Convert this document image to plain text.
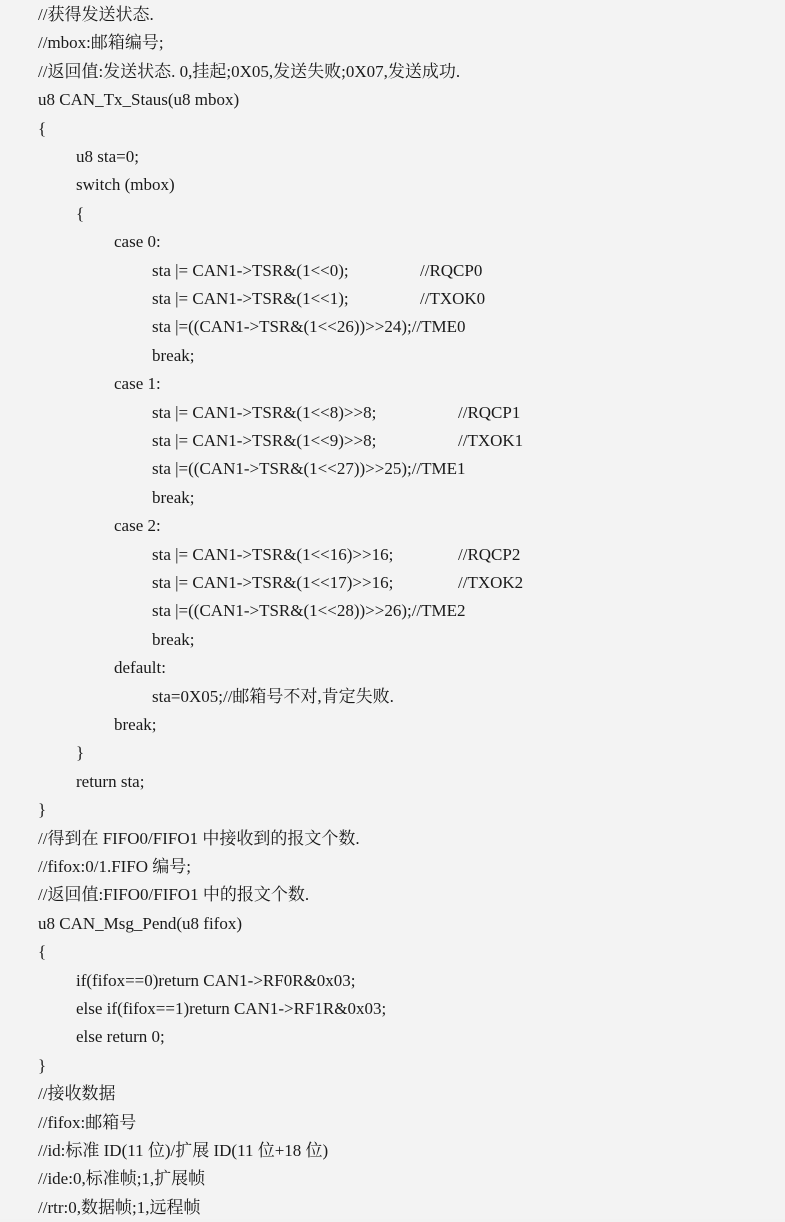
//获得发送状态.
//mbox:邮箱编号;
//返回值:发送状态. 0,挂起;0X05,发送失败;0X07,发送成功.
u8 CAN_Tx_Staus(u8 mbox)
{
u8 sta=0;
switch (mbox)
{
case 0:
sta |= CAN1->TSR&(1<<0);	//RQCP0
sta |= CAN1->TSR&(1<<1);	//TXOK0
sta |=((CAN1->TSR&(1<<26))>>24);//TME0
break;
case 1:
sta |= CAN1->TSR&(1<<8)>>8;	//RQCP1
sta |= CAN1->TSR&(1<<9)>>8;	//TXOK1
sta |=((CAN1->TSR&(1<<27))>>25);//TME1
break;
case 2:
sta |= CAN1->TSR&(1<<16)>>16;	//RQCP2
sta |= CAN1->TSR&(1<<17)>>16;	//TXOK2
sta |=((CAN1->TSR&(1<<28))>>26);//TME2
break;
default:
sta=0X05;//邮箱号不对,肯定失败.
break;
}
return sta;
}
//得到在 FIFO0/FIFO1 中接收到的报文个数.
//fifox:0/1.FIFO 编号;
//返回值:FIFO0/FIFO1 中的报文个数.
u8 CAN_Msg_Pend(u8 fifox)
{
if(fifox==0)return CAN1->RF0R&0x03;
else if(fifox==1)return CAN1->RF1R&0x03;
else return 0;
}
//接收数据
//fifox:邮箱号
//id:标准 ID(11 位)/扩展 ID(11 位+18 位)
//ide:0,标准帧;1,扩展帧
//rtr:0,数据帧;1,远程帧
